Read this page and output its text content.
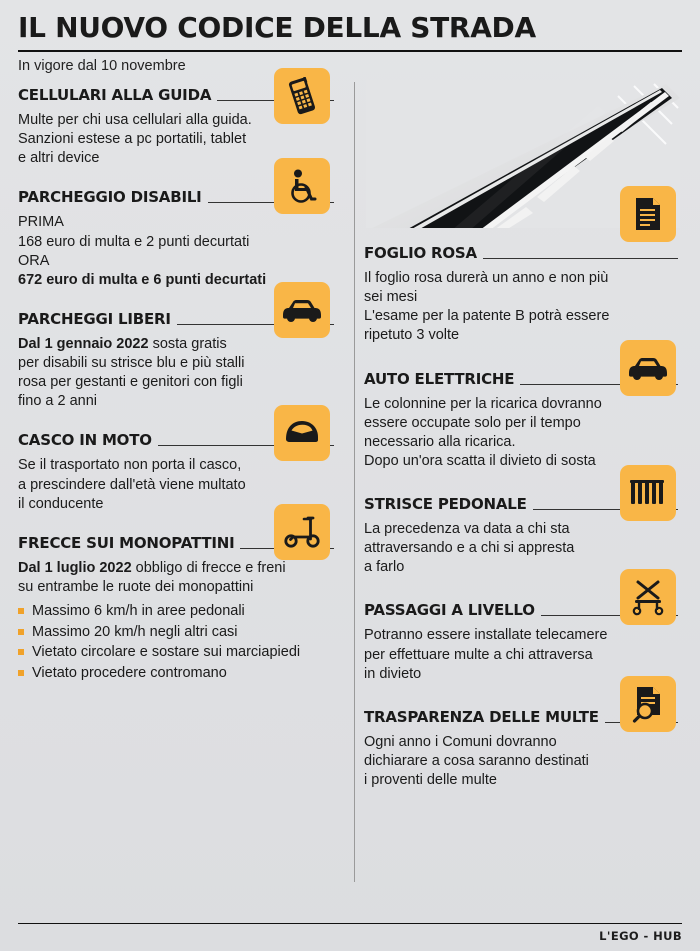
IL NUOVO CODICE DELLA STRADA
In vigore dal 10 novembre
CELLULARI ALLA GUIDA

Multe per chi usa cellulari alla guida.

Sanzioni estese a pc portatili, tablet

e altri device

PARCHEGGIO DISABILI

PRIMA

168 euro di multa e 2 punti decurtati

ORA

672 euro di multa e 6 punti decurtati

PARCHEGGI LIBERI

Dal 1 gennaio 2022 sosta gratis

per disabili su strisce blu e più stalli

rosa per gestanti e genitori con figli

fino a 2 anni

CASCO IN MOTO

Se il trasportato non porta il casco,

a prescindere dall'età viene multato

il conducente

FRECCE SUI MONOPATTINI

Dal 1 luglio 2022 obbligo di frecce e freni

su entrambe le ruote dei monopattini

Massimo 6 km/h in aree pedonali
Massimo 20 km/h negli altri casi
Vietato circolare e sostare sui marciapiedi
Vietato procedere contromano
FOGLIO ROSA

Il foglio rosa durerà un anno e non più

sei mesi

L'esame per la patente B potrà essere

ripetuto 3 volte

AUTO ELETTRICHE

Le colonnine per la ricarica dovranno

essere occupate solo per il tempo

necessario alla ricarica.

Dopo un'ora scatta il divieto di sosta

STRISCE PEDONALE

La precedenza va data a chi sta

attraversando e a chi si appresta

a farlo

PASSAGGI A LIVELLO

Potranno essere installate telecamere

per effettuare multe a chi attraversa

in divieto

TRASPARENZA DELLE MULTE

Ogni anno i Comuni dovranno

dichiarare a cosa saranno destinati

i proventi delle multe

L'EGO - HUB
